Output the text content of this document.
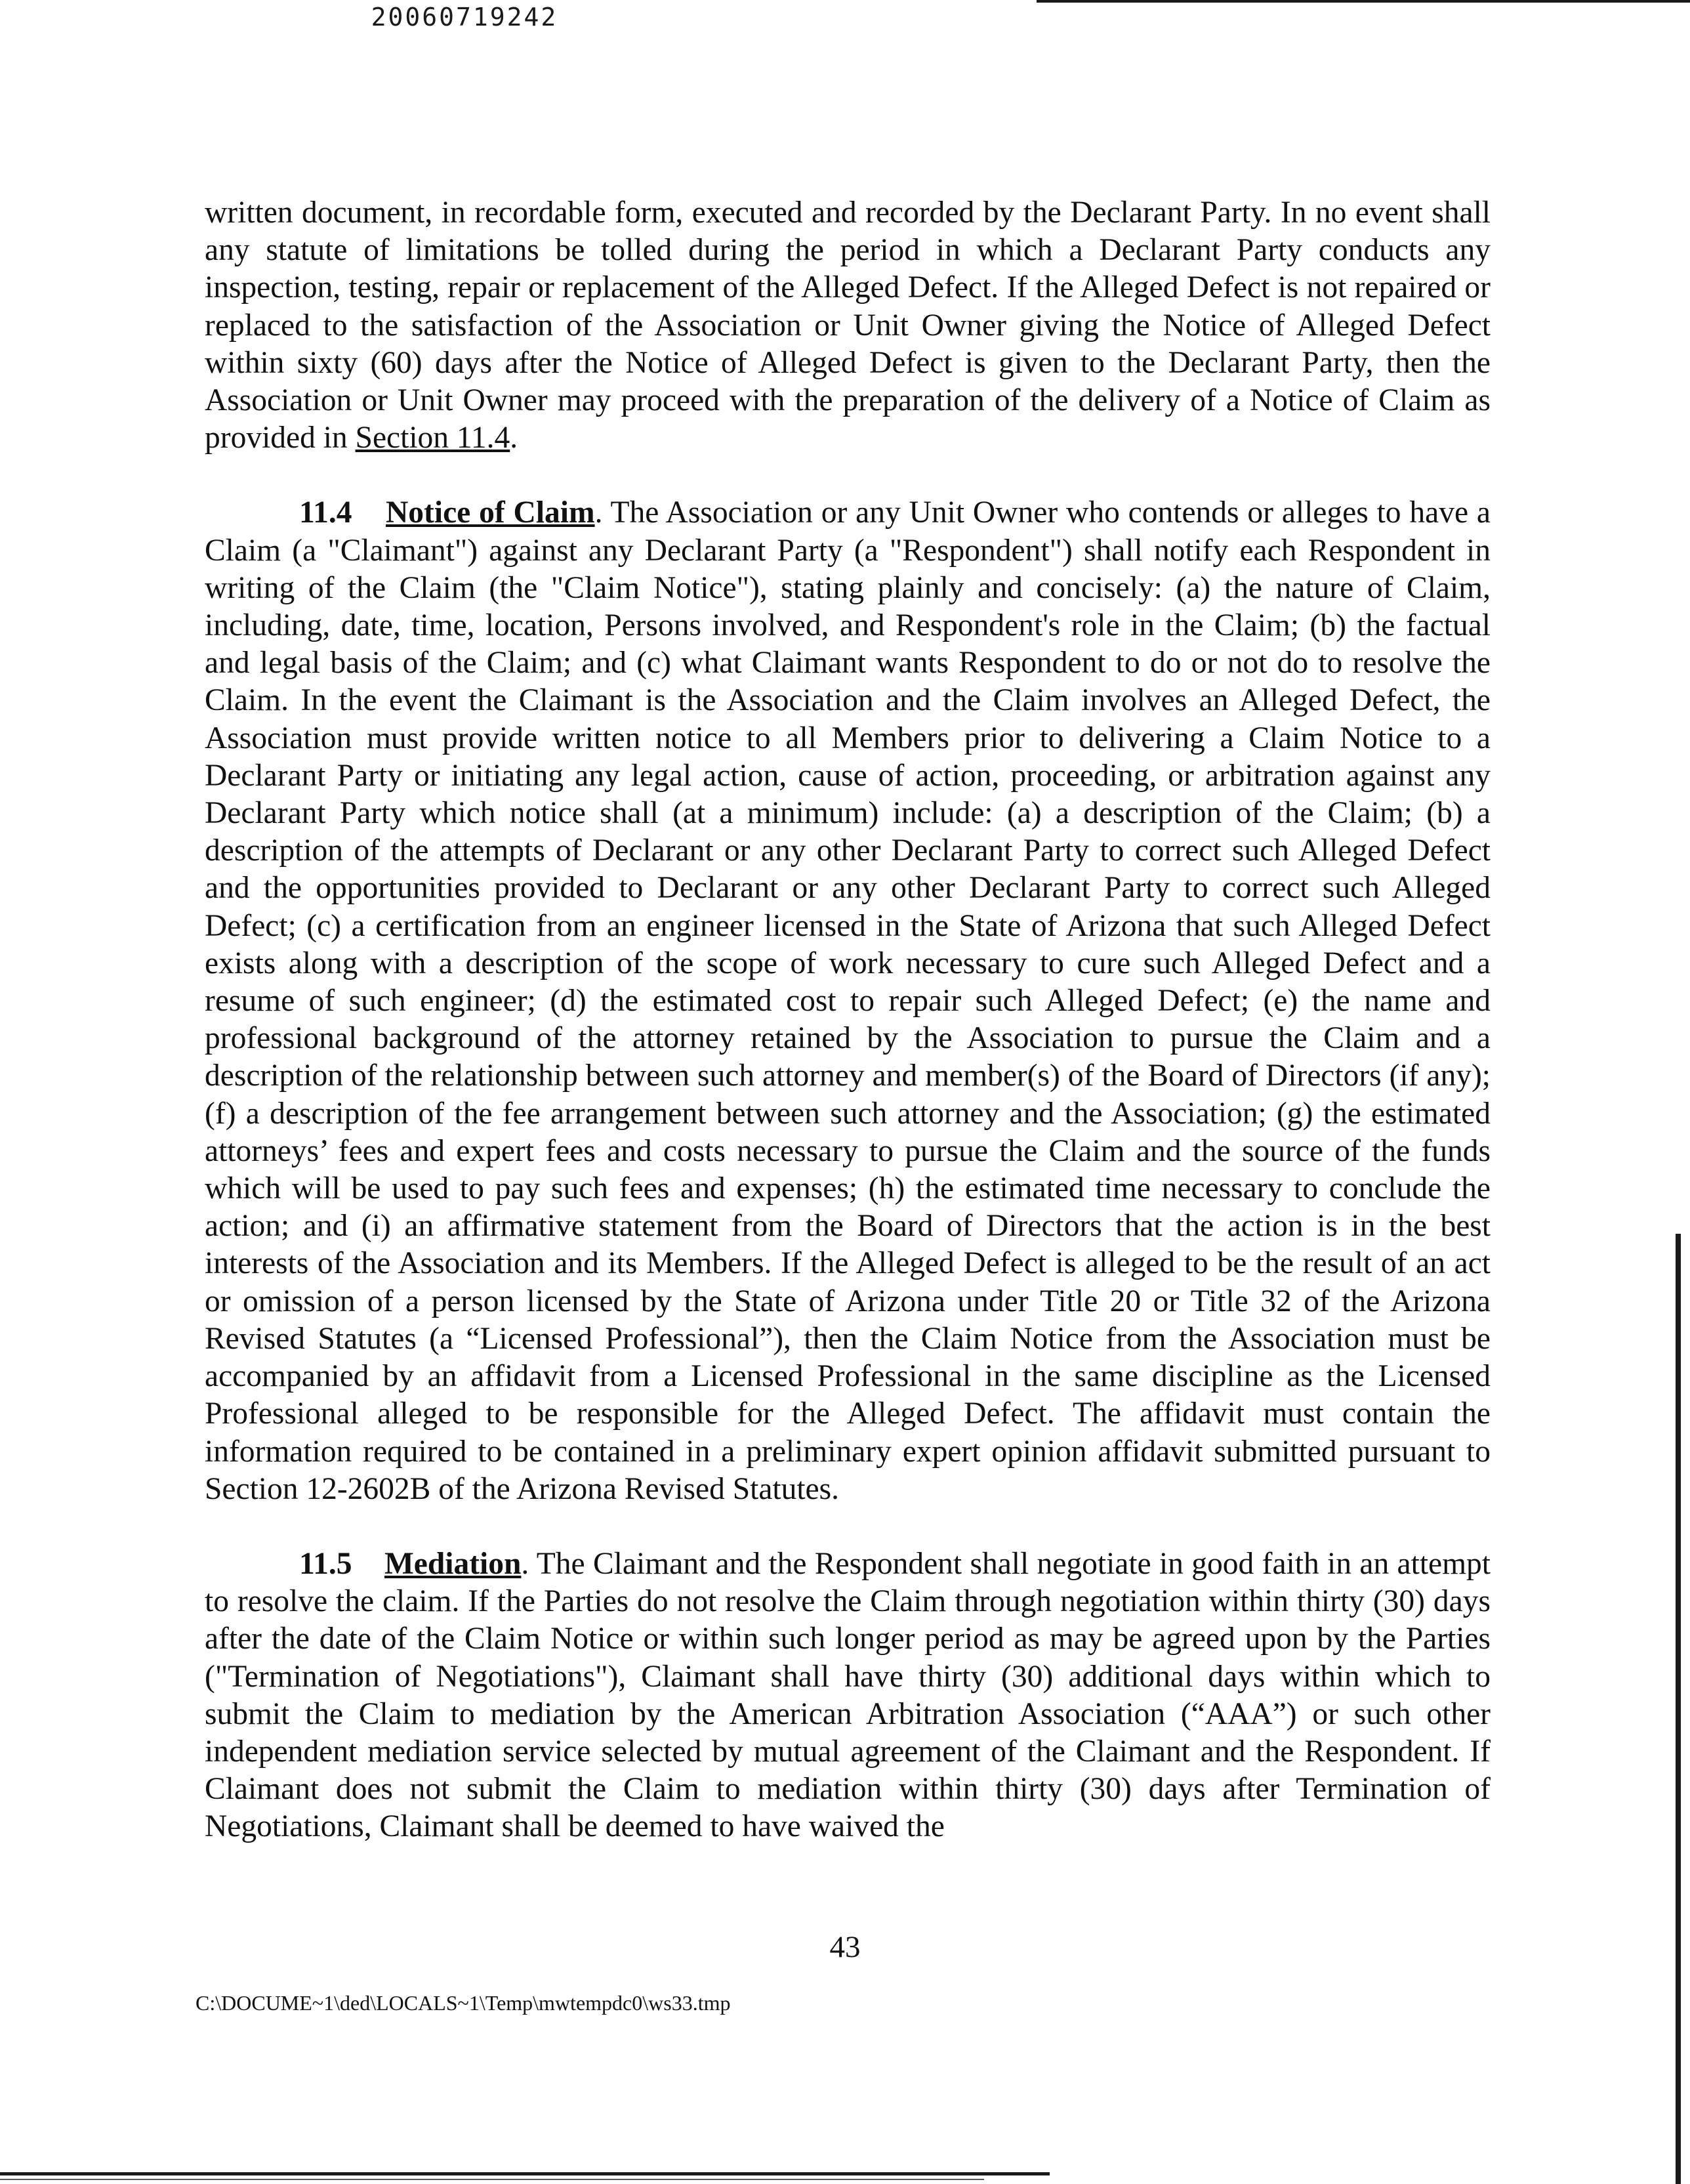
20060719242

written document, in recordable form, executed and recorded by the Declarant Party. In no event shall any statute of limitations be tolled during the period in which a Declarant Party conducts any inspection, testing, repair or replacement of the Alleged Defect. If the Alleged Defect is not repaired or replaced to the satisfaction of the Association or Unit Owner giving the Notice of Alleged Defect within sixty (60) days after the Notice of Alleged Defect is given to the Declarant Party, then the Association or Unit Owner may proceed with the preparation of the delivery of a Notice of Claim as provided in Section 11.4.

11.4 Notice of Claim. The Association or any Unit Owner who contends or alleges to have a Claim (a "Claimant") against any Declarant Party (a "Respondent") shall notify each Respondent in writing of the Claim (the "Claim Notice"), stating plainly and concisely: (a) the nature of Claim, including, date, time, location, Persons involved, and Respondent's role in the Claim; (b) the factual and legal basis of the Claim; and (c) what Claimant wants Respondent to do or not do to resolve the Claim. In the event the Claimant is the Association and the Claim involves an Alleged Defect, the Association must provide written notice to all Members prior to delivering a Claim Notice to a Declarant Party or initiating any legal action, cause of action, proceeding, or arbitration against any Declarant Party which notice shall (at a minimum) include: (a) a description of the Claim; (b) a description of the attempts of Declarant or any other Declarant Party to correct such Alleged Defect and the opportunities provided to Declarant or any other Declarant Party to correct such Alleged Defect; (c) a certification from an engineer licensed in the State of Arizona that such Alleged Defect exists along with a description of the scope of work necessary to cure such Alleged Defect and a resume of such engineer; (d) the estimated cost to repair such Alleged Defect; (e) the name and professional background of the attorney retained by the Association to pursue the Claim and a description of the relationship between such attorney and member(s) of the Board of Directors (if any); (f) a description of the fee arrangement between such attorney and the Association; (g) the estimated attorneys’ fees and expert fees and costs necessary to pursue the Claim and the source of the funds which will be used to pay such fees and expenses; (h) the estimated time necessary to conclude the action; and (i) an affirmative statement from the Board of Directors that the action is in the best interests of the Association and its Members. If the Alleged Defect is alleged to be the result of an act or omission of a person licensed by the State of Arizona under Title 20 or Title 32 of the Arizona Revised Statutes (a “Licensed Professional”), then the Claim Notice from the Association must be accompanied by an affidavit from a Licensed Professional in the same discipline as the Licensed Professional alleged to be responsible for the Alleged Defect. The affidavit must contain the information required to be contained in a preliminary expert opinion affidavit submitted pursuant to Section 12-2602B of the Arizona Revised Statutes.

11.5 Mediation. The Claimant and the Respondent shall negotiate in good faith in an attempt to resolve the claim. If the Parties do not resolve the Claim through negotiation within thirty (30) days after the date of the Claim Notice or within such longer period as may be agreed upon by the Parties ("Termination of Negotiations"), Claimant shall have thirty (30) additional days within which to submit the Claim to mediation by the American Arbitration Association (“AAA”) or such other independent mediation service selected by mutual agreement of the Claimant and the Respondent. If Claimant does not submit the Claim to mediation within thirty (30) days after Termination of Negotiations, Claimant shall be deemed to have waived the

43
C:\DOCUME~1\ded\LOCALS~1\Temp\mwtempdc0\ws33.tmp
